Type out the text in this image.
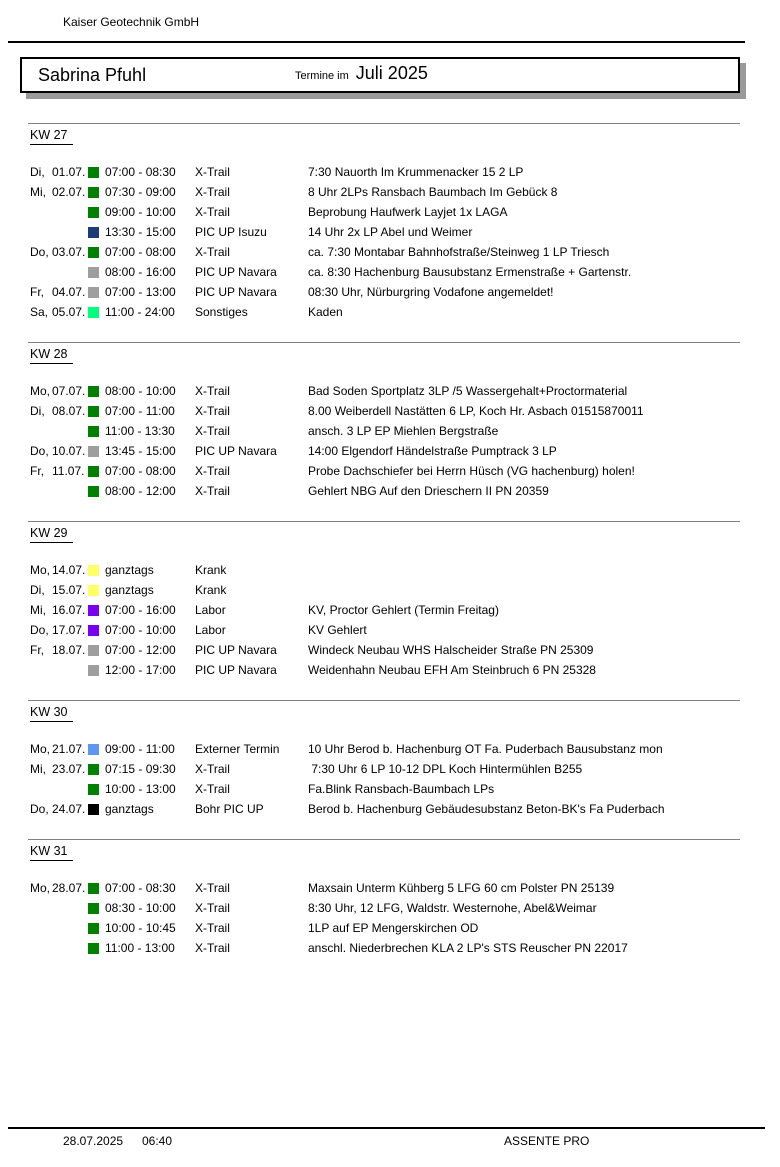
Kaiser Geotechnik GmbH
Sabrina Pfuhl	Termine im Juli 2025
KW 27
Di, 01.07. 07:00 - 08:30	X-Trail	7:30 Nauorth Im Krummenacker 15 2 LP
Mi, 02.07. 07:30 - 09:00	X-Trail	8 Uhr 2LPs Ransbach Baumbach Im Gebück 8
09:00 - 10:00	X-Trail	Beprobung Haufwerk Layjet 1x LAGA
13:30 - 15:00	PIC UP Isuzu	14 Uhr 2x LP Abel und Weimer
Do, 03.07. 07:00 - 08:00	X-Trail	ca. 7:30 Montabar Bahnhofstraße/Steinweg 1 LP Triesch
08:00 - 16:00	PIC UP Navara	ca. 8:30 Hachenburg Bausubstanz Ermenstraße + Gartenstr.
Fr, 04.07. 07:00 - 13:00	PIC UP Navara	08:30 Uhr, Nürburgring Vodafone angemeldet!
Sa, 05.07. 11:00 - 24:00	Sonstiges	Kaden
KW 28
Mo, 07.07. 08:00 - 10:00	X-Trail	Bad Soden Sportplatz 3LP /5 Wassergehalt+Proctormaterial
Di, 08.07. 07:00 - 11:00	X-Trail	8.00 Weiberdell Nastätten 6 LP, Koch Hr. Asbach 01515870011
11:00 - 13:30	X-Trail	ansch. 3 LP EP Miehlen Bergstraße
Do, 10.07. 13:45 - 15:00	PIC UP Navara	14:00 Elgendorf Händelstraße Pumptrack 3 LP
Fr, 11.07. 07:00 - 08:00	X-Trail	Probe Dachschiefer bei Herrn Hüsch (VG hachenburg) holen!
08:00 - 12:00	X-Trail	Gehlert NBG Auf den Drieschern II PN 20359
KW 29
Mo, 14.07. ganztags	Krank
Di, 15.07. ganztags	Krank
Mi, 16.07. 07:00 - 16:00	Labor	KV, Proctor Gehlert (Termin Freitag)
Do, 17.07. 07:00 - 10:00	Labor	KV Gehlert
Fr, 18.07. 07:00 - 12:00	PIC UP Navara	Windeck Neubau WHS Halscheider Straße PN 25309
12:00 - 17:00	PIC UP Navara	Weidenhahn Neubau EFH Am Steinbruch 6 PN 25328
KW 30
Mo, 21.07. 09:00 - 11:00	Externer Termin	10 Uhr Berod b. Hachenburg OT Fa. Puderbach Bausubstanz mon
Mi, 23.07. 07:15 - 09:30	X-Trail	7:30 Uhr 6 LP 10-12 DPL Koch Hintermühlen B255
10:00 - 13:00	X-Trail	Fa.Blink Ransbach-Baumbach LPs
Do, 24.07. ganztags	Bohr PIC UP	Berod b. Hachenburg Gebäudesubstanz Beton-BK's Fa Puderbach
KW 31
Mo, 28.07. 07:00 - 08:30	X-Trail	Maxsain Unterm Kühberg 5 LFG 60 cm Polster PN 25139
08:30 - 10:00	X-Trail	8:30 Uhr, 12 LFG, Waldstr. Westernohe, Abel&Weimar
10:00 - 10:45	X-Trail	1LP auf EP Mengerskirchen OD
11:00 - 13:00	X-Trail	anschl. Niederbrechen KLA 2 LP's STS Reuscher PN 22017
28.07.2025 06:40	ASSENTE PRO
